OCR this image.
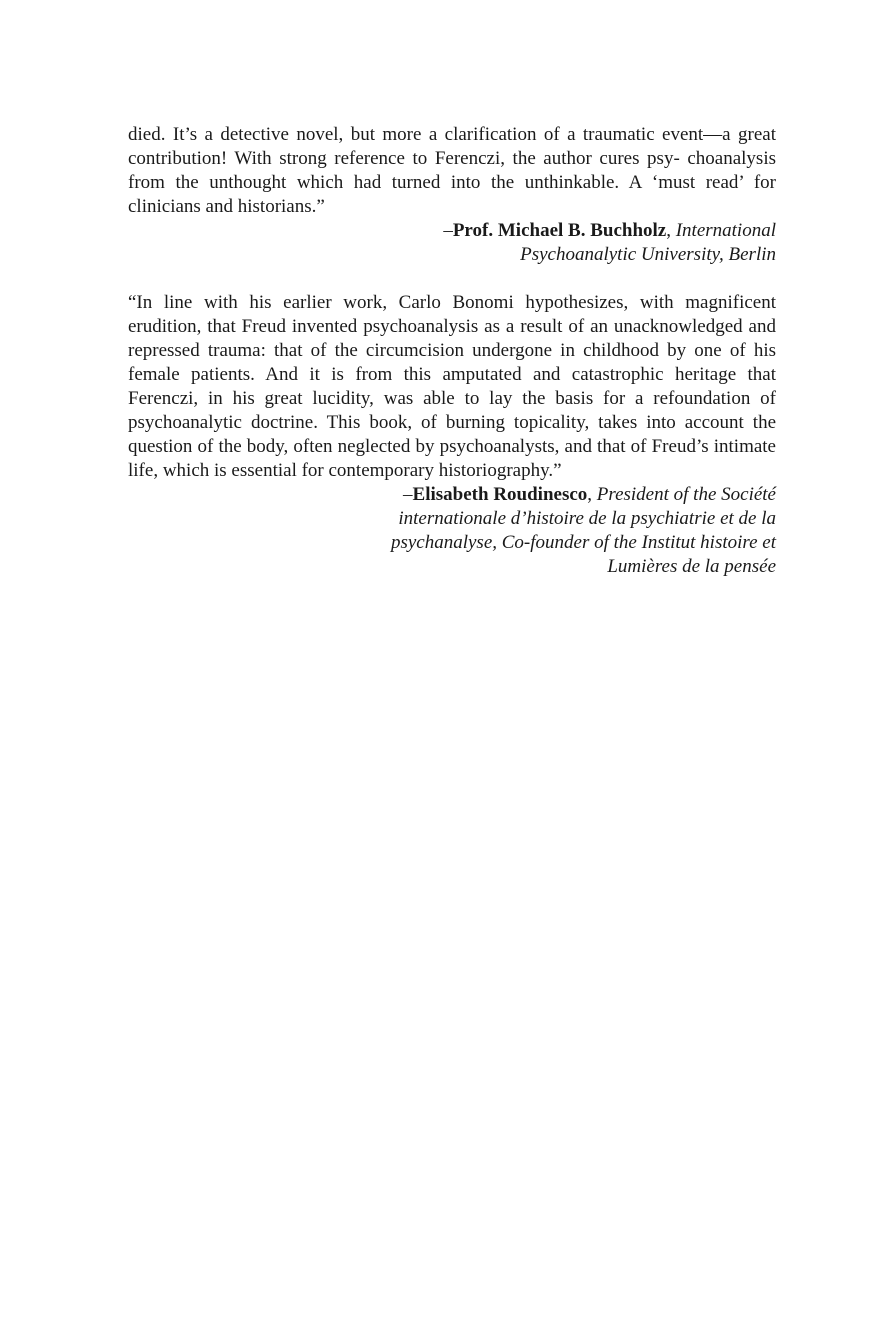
died. It’s a detective novel, but more a clarification of a traumatic event—a great contribution! With strong reference to Ferenczi, the author cures psy- choanalysis from the unthought which had turned into the unthinkable. A ‘must read’ for clinicians and historians.”

–Prof. Michael B. Buchholz, International

Psychoanalytic University, Berlin

“In line with his earlier work, Carlo Bonomi hypothesizes, with magnificent erudition, that Freud invented psychoanalysis as a result of an unacknowledged and repressed trauma: that of the circumcision undergone in childhood by one of his female patients. And it is from this amputated and catastrophic heritage that Ferenczi, in his great lucidity, was able to lay the basis for a refoundation of psychoanalytic doctrine. This book, of burning topicality, takes into account the question of the body, often neglected by psychoanalysts, and that of Freud’s intimate life, which is essential for contemporary historiography.”

–Elisabeth Roudinesco, President of the Société

internationale d’histoire de la psychiatrie et de la

psychanalyse, Co-founder of the Institut histoire et

Lumières de la pensée
